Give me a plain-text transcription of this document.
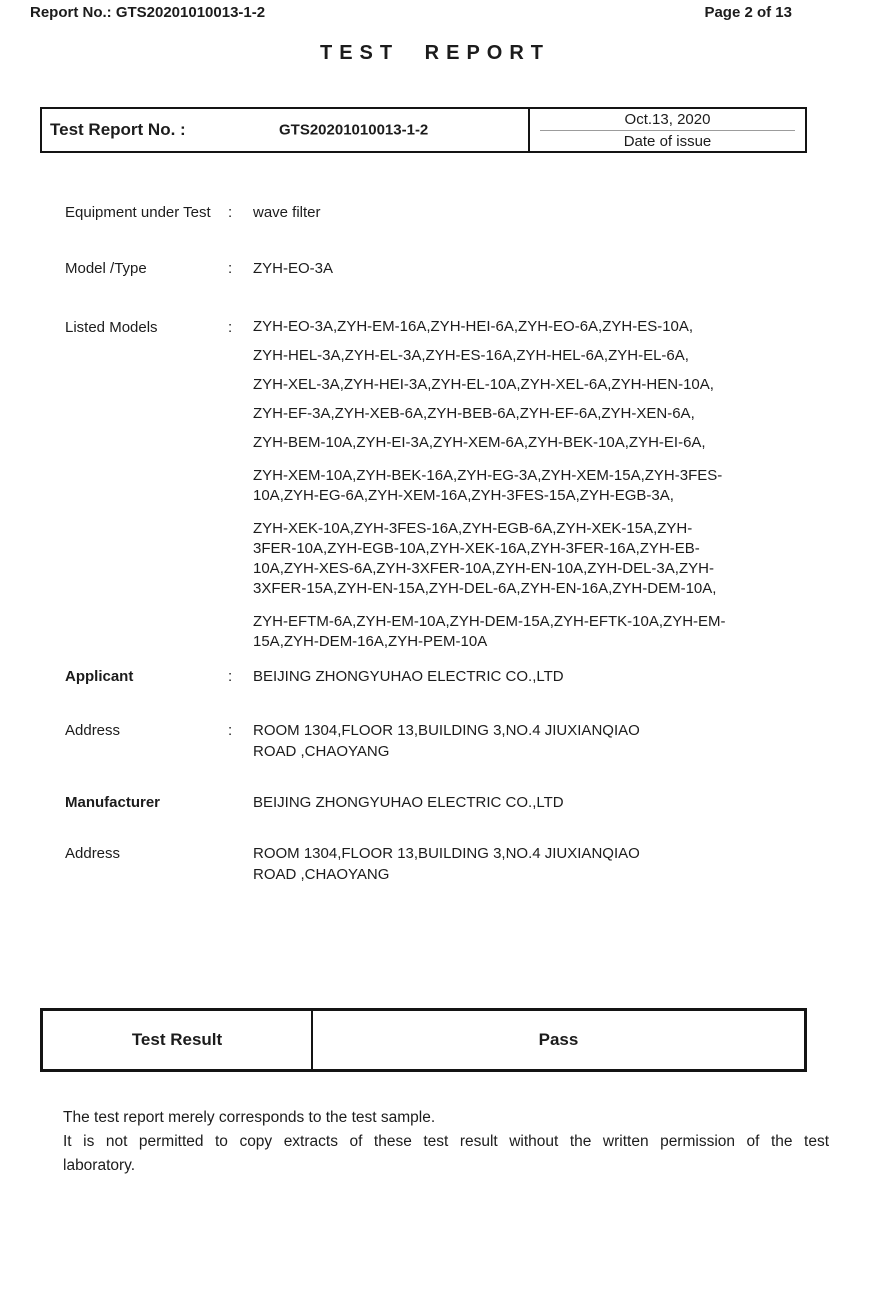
Report No.: GTS20201010013-1-2	Page 2 of 13
TEST REPORT
Test Report No. :	GTS20201010013-1-2
Oct.13, 2020
Date of issue
Equipment under Test	:	wave filter
Model /Type	:	ZYH-EO-3A
Listed Models	:	ZYH-EO-3A,ZYH-EM-16A,ZYH-HEI-6A,ZYH-EO-6A,ZYH-ES-10A,
ZYH-HEL-3A,ZYH-EL-3A,ZYH-ES-16A,ZYH-HEL-6A,ZYH-EL-6A,
ZYH-XEL-3A,ZYH-HEI-3A,ZYH-EL-10A,ZYH-XEL-6A,ZYH-HEN-10A,
ZYH-EF-3A,ZYH-XEB-6A,ZYH-BEB-6A,ZYH-EF-6A,ZYH-XEN-6A,
ZYH-BEM-10A,ZYH-EI-3A,ZYH-XEM-6A,ZYH-BEK-10A,ZYH-EI-6A,
ZYH-XEM-10A,ZYH-BEK-16A,ZYH-EG-3A,ZYH-XEM-15A,ZYH-3FES-
10A,ZYH-EG-6A,ZYH-XEM-16A,ZYH-3FES-15A,ZYH-EGB-3A,
ZYH-XEK-10A,ZYH-3FES-16A,ZYH-EGB-6A,ZYH-XEK-15A,ZYH-
3FER-10A,ZYH-EGB-10A,ZYH-XEK-16A,ZYH-3FER-16A,ZYH-EB-
10A,ZYH-XES-6A,ZYH-3XFER-10A,ZYH-EN-10A,ZYH-DEL-3A,ZYH-
3XFER-15A,ZYH-EN-15A,ZYH-DEL-6A,ZYH-EN-16A,ZYH-DEM-10A,
ZYH-EFTM-6A,ZYH-EM-10A,ZYH-DEM-15A,ZYH-EFTK-10A,ZYH-EM-
15A,ZYH-DEM-16A,ZYH-PEM-10A
Applicant	:	BEIJING ZHONGYUHAO ELECTRIC CO.,LTD
Address	:	ROOM 1304,FLOOR 13,BUILDING 3,NO.4 JIUXIANQIAO
ROAD ,CHAOYANG
Manufacturer	BEIJING ZHONGYUHAO ELECTRIC CO.,LTD
Address	ROOM 1304,FLOOR 13,BUILDING 3,NO.4 JIUXIANQIAO
ROAD ,CHAOYANG
Test Result	Pass
The test report merely corresponds to the test sample.
It is not permitted to copy extracts of these test result without the written permission of the test
laboratory.
